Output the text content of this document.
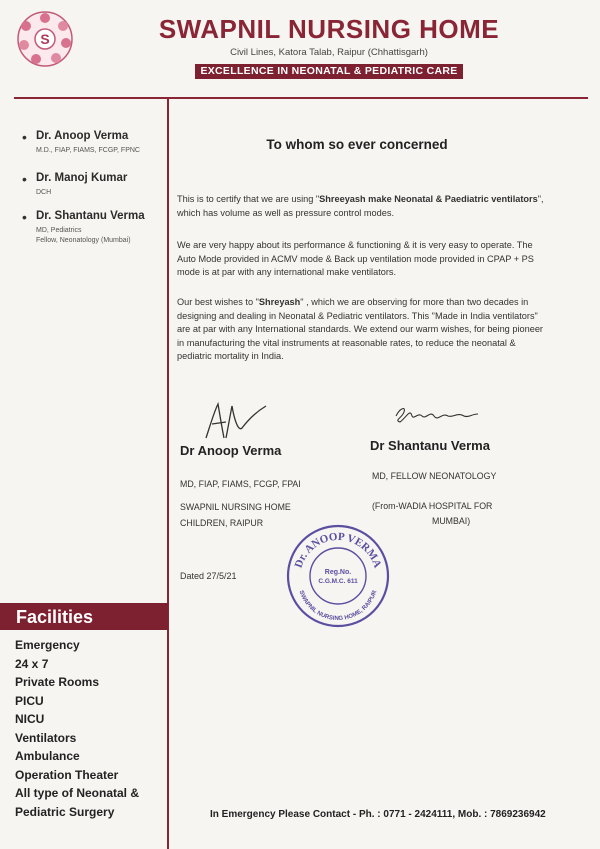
S	SWAPNIL NURSING HOME
Civil Lines, Katora Talab, Raipur (Chhattisgarh)
EXCELLENCE IN NEONATAL & PEDIATRIC CARE
• Dr. Anoop Verma
M.D., FIAP, FIAMS, FCGP, FPNC
• Dr. Manoj Kumar
DCH
• Dr. Shantanu Verma
MD, Pediatrics
Fellow, Neonatology (Mumbai)
Facilities
Emergency
24 x 7
Private Rooms
PICU
NICU
Ventilators
Ambulance
Operation Theater
All type of Neonatal &
Pediatric Surgery
To whom so ever concerned
This is to certify that we are using "Shreeyash make Neonatal & Paediatric ventilators", which has volume as well as pressure control modes.
We are very happy about its performance & functioning & it is very easy to operate. The Auto Mode provided in ACMV mode & Back up ventilation mode provided in CPAP + PS mode is at par with any international make ventilators.
Our best wishes to "Shreyash" , which we are observing for more than two decades in designing and dealing in Neonatal & Pediatric ventilators. This "Made in India ventilators" are at par with any International standards. We extend our warm wishes, for being pioneer in manufacturing the vital instruments at reasonable rates, to reduce the neonatal & pediatric mortality in India.
Dr Anoop Verma
MD, FIAP, FIAMS, FCGP, FPAI
SWAPNIL NURSING HOME
CHILDREN, RAIPUR
Dr Shantanu Verma
MD, FELLOW NEONATOLOGY
(From-WADIA HOSPITAL FOR
MUMBAI)
Dr. ANOOP VERMA
SWAPNIL NURSING HOME, RAIPUR
Reg.No.
C.G.M.C. 611
Dated 27/5/21
In Emergency Please Contact - Ph. : 0771 - 2424111, Mob. : 7869236942
